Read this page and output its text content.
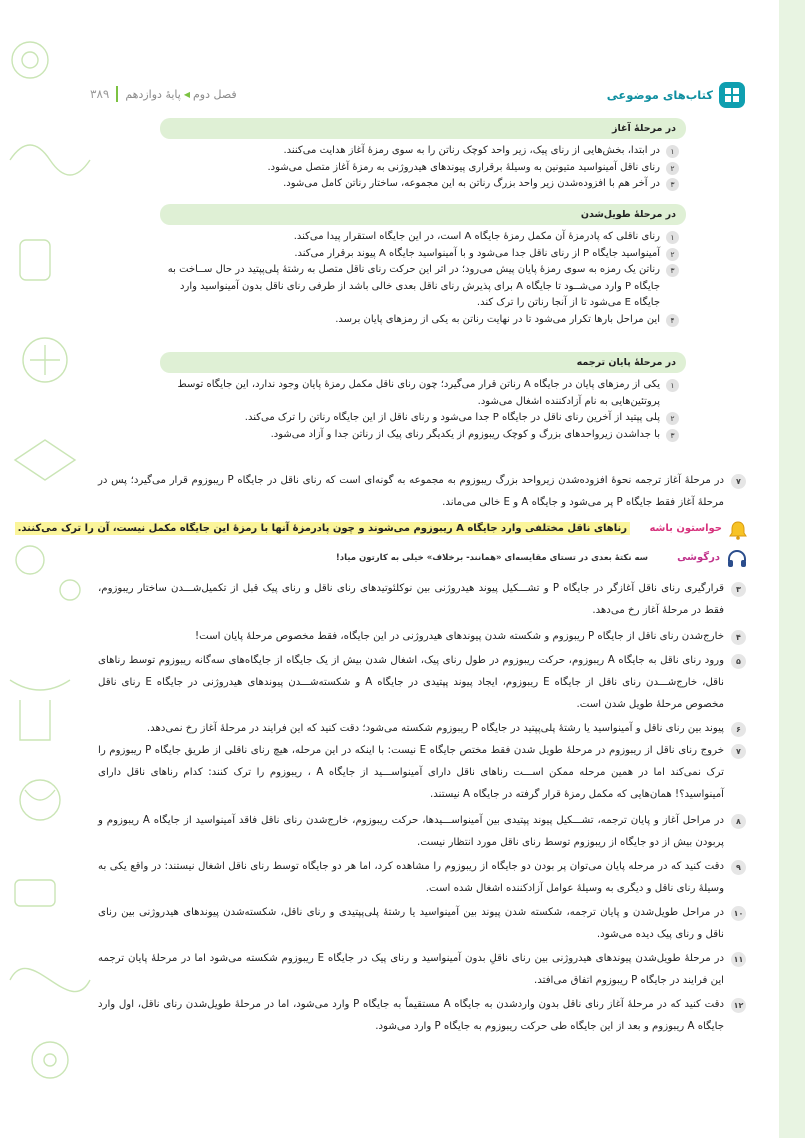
کتاب‌های موضوعی
فصل دوم
◀
پایهٔ دوازدهم
۳۸۹
در مرحلهٔ آغاز
۱
در ابتدا، بخش‌هایی از رنای پیک، زیر واحد کوچک رناتن را به سوی رمزهٔ آغاز هدایت می‌کنند.
۲
رنای ناقل آمینواسید متیونین به وسیلهٔ برقراری پیوندهای هیدروژنی به رمزهٔ آغاز متصل می‌شود.
۳
در آخر هم با افزوده‌شدن زیر واحد بزرگ رناتن به این مجموعه، ساختار رناتن کامل می‌شود.
در مرحلهٔ طویل‌شدن
۱
رنای ناقلی که پادرمزهٔ آن مکمل رمزهٔ جایگاه A است، در این جایگاه استقرار پیدا می‌کند.
۲
آمینواسید جایگاه P از رنای ناقل جدا می‌شود و با آمینواسید جایگاه A پیوند برقرار می‌کند.
۳
رناتن یک رمزه به سوی رمزهٔ پایان پیش می‌رود؛ در اثر این حرکت رنای ناقل متصل به رشتهٔ پلی‌پپتید در حال ســاخت به جایگاه P وارد می‌شــود تا جایگاه A برای پذیرش رنای ناقل بعدی خالی باشد از طرفی رنای ناقل بدون آمینواسید وارد جایگاه E می‌شود تا از آنجا رناتن را ترک کند.
۴
این مراحل بارها تکرار می‌شود تا در نهایت رناتن به یکی از رمزهای پایان برسد.
در مرحلهٔ پایان ترجمه
۱
یکی از رمزهای پایان در جایگاه A رناتن قرار می‌گیرد؛ چون رنای ناقل مکمل رمزهٔ پایان وجود ندارد، این جایگاه توسط پروتئین‌هایی به نام آزادکننده اشغال می‌شود.
۲
پلی پپتید از آخرین رنای ناقل در جایگاه P جدا می‌شود و رنای ناقل از این جایگاه رناتن را ترک می‌کند.
۳
با جداشدن زیرواحدهای بزرگ و کوچک ریبوزوم از یکدیگر رنای پیک از رناتن جدا و آزاد می‌شود.
۷
در مرحلهٔ آغاز ترجمه نحوهٔ افزوده‌شدن زیرواحد بزرگ ریبوزوم به مجموعه به گونه‌ای است که رنای ناقل در جایگاه P ریبوزوم قرار می‌گیرد؛ پس در مرحلهٔ آغاز فقط جایگاه P پر می‌شود و جایگاه A و E خالی می‌ماند.
حواستون باشه
رناهای ناقل مختلفی وارد جایگاه A ریبوزوم می‌شوند و چون پادرمزهٔ آنها با رمزهٔ این جایگاه مکمل نیست، آن را ترک می‌کنند.
درگوشی
سه نکتهٔ بعدی در تستای مقایسه‌ای «همانند- برخلاف» خیلی به کارتون میاد!
۳
قرارگیری رنای ناقل آغازگر در جایگاه P و تشـــکیل پیوند هیدروژنی بین نوکلئوتیدهای رنای ناقل و رنای پیک قبل از تکمیل‌شـــدن ساختار ریبوزوم، فقط در مرحلهٔ آغاز رخ می‌دهد.
۴
خارج‌شدن رنای ناقل از جایگاه P ریبوزوم و شکسته شدن پیوندهای هیدروژنی در این جایگاه، فقط مخصوص مرحلهٔ پایان است!
۵
ورود رنای ناقل به جایگاه A ریبوزوم، حرکت ریبوزوم در طول رنای پیک، اشغال شدن بیش از یک جایگاه از جایگاه‌های سه‌گانه ریبوزوم توسط رناهای ناقل، خارج‌شـــدن رنای ناقل از جایگاه E ریبوزوم، ایجاد پیوند پپتیدی در جایگاه A و شکسته‌شـــدن پیوندهای هیدروژنی در جایگاه E رنای ناقل مخصوص مرحلهٔ طویل شدن است.
۶
پیوند بین رنای ناقل و آمینواسید یا رشتهٔ پلی‌پپتید در جایگاه P ریبوزوم شکسته می‌شود؛ دقت کنید که این فرایند در مرحلهٔ آغاز رخ نمی‌دهد.
۷
خروج رنای ناقل از ریبوزوم در مرحلهٔ طویل شدن فقط مختص جایگاه E نیست: با اینکه در این مرحله، هیچ رنای ناقلی از طریق جایگاه P ریبوزوم را ترک نمی‌کند اما در همین مرحله ممکن اســـت رناهای ناقل دارای آمینواســـید از جایگاه A ، ریبوزوم را ترک کنند: کدام رناهای ناقل دارای آمینواسید؟! همان‌هایی که مکمل رمزهٔ قرار گرفته در جایگاه A نیستند.
۸
در مراحل آغاز و پایان ترجمه، تشـــکیل پیوند پپتیدی بین آمینواســـیدها، حرکت ریبوزوم، خارج‌شدن رنای ناقل فاقد آمینواسید از جایگاه A ریبوزوم و پربودن بیش از دو جایگاه از ریبوزوم توسط رنای ناقل مورد انتظار نیست.
۹
دقت کنید که در مرحله پایان می‌توان پر بودن دو جایگاه از ریبوزوم را مشاهده کرد، اما هر دو جایگاه توسط رنای ناقل اشغال نیستند: در واقع یکی به وسیلهٔ رنای ناقل و دیگری به وسیلهٔ عوامل آزادکننده اشغال شده است.
۱۰
در مراحل طویل‌شدن و پایان ترجمه، شکسته شدن پیوند بین آمینواسید یا رشتهٔ پلی‌پپتیدی و رنای ناقل، شکسته‌شدن پیوندهای هیدروژنی بین رنای ناقل و رنای پیک دیده می‌شود.
۱۱
در مرحلهٔ طویل‌شدن پیوندهای هیدروژنی بین رنای ناقلِ بدون آمینواسید و رنای پیک در جایگاه E ریبوزوم شکسته می‌شود اما در مرحلهٔ پایان ترجمه این فرایند در جایگاه P ریبوزوم اتفاق می‌افتد.
۱۲
دقت کنید که در مرحلهٔ آغاز رنای ناقل بدون واردشدن به جایگاه A مستقیماً به جایگاه P وارد می‌شود، اما در مرحلهٔ طویل‌شدن رنای ناقل، اول وارد جایگاه A ریبوزوم و بعد از این جایگاه طی حرکت ریبوزوم به جایگاه P وارد می‌شود.
